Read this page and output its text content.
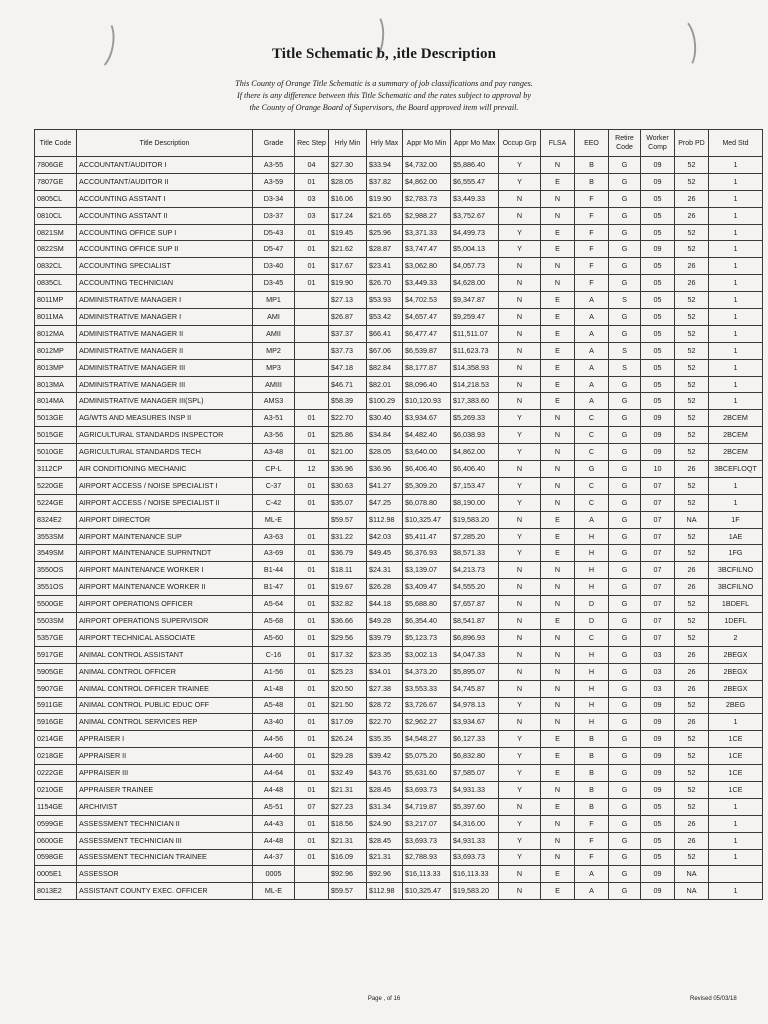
Title Schematic b, ,itle Description
This County of Orange Title Schematic is a summary of job classifications and pay ranges.
If there is any difference between this Title Schematic and the rates subject to approval by
the County of Orange Board of Supervisors, the Board approved item will prevail.
Title Code	Title Description	Grade	Rec Step	Hrly Min	Hrly Max	Appr Mo Min	Appr Mo Max	Occup Grp	FLSA	EEO	Retire Code	Worker Comp	Prob PD	Med Std
7806GE	ACCOUNTANT/AUDITOR I	A3-55	04	$27.30	$33.94	$4,732.00	$5,886.40	Y	N	B	G	09	52	1
7807GE	ACCOUNTANT/AUDITOR II	A3-59	01	$28.05	$37.82	$4,862.00	$6,555.47	Y	E	B	G	09	52	1
0805CL	ACCOUNTING ASSTANT I	D3-34	03	$16.06	$19.90	$2,783.73	$3,449.33	N	N	F	G	05	26	1
0810CL	ACCOUNTING ASSTANT II	D3-37	03	$17.24	$21.65	$2,988.27	$3,752.67	N	N	F	G	05	26	1
0821SM	ACCOUNTING OFFICE SUP I	D5-43	01	$19.45	$25.96	$3,371.33	$4,499.73	Y	E	F	G	05	52	1
0822SM	ACCOUNTING OFFICE SUP II	D5-47	01	$21.62	$28.87	$3,747.47	$5,004.13	Y	E	F	G	09	52	1
0832CL	ACCOUNTING SPECIALIST	D3-40	01	$17.67	$23.41	$3,062.80	$4,057.73	N	N	F	G	05	26	1
0835CL	ACCOUNTING TECHNICIAN	D3-45	01	$19.90	$26.70	$3,449.33	$4,628.00	N	N	F	G	05	26	1
8011MP	ADMINISTRATIVE MANAGER I	MP1		$27.13	$53.93	$4,702.53	$9,347.87	N	E	A	S	05	52	1
8011MA	ADMINISTRATIVE MANAGER I	AMI		$26.87	$53.42	$4,657.47	$9,259.47	N	E	A	G	05	52	1
8012MA	ADMINISTRATIVE MANAGER II	AMII		$37.37	$66.41	$6,477.47	$11,511.07	N	E	A	G	05	52	1
8012MP	ADMINISTRATIVE MANAGER II	MP2		$37.73	$67.06	$6,539.87	$11,623.73	N	E	A	S	05	52	1
8013MP	ADMINISTRATIVE MANAGER III	MP3		$47.18	$82.84	$8,177.87	$14,358.93	N	E	A	S	05	52	1
8013MA	ADMINISTRATIVE MANAGER III	AMIII		$46.71	$82.01	$8,096.40	$14,218.53	N	E	A	G	05	52	1
8014MA	ADMINISTRATIVE MANAGER III(SPL)	AMS3		$58.39	$100.29	$10,120.93	$17,383.60	N	E	A	G	05	52	1
5013GE	AG/WTS AND MEASURES INSP II	A3-51	01	$22.70	$30.40	$3,934.67	$5,269.33	Y	N	C	G	09	52	2BCEM
5015GE	AGRICULTURAL STANDARDS INSPECTOR	A3-56	01	$25.86	$34.84	$4,482.40	$6,038.93	Y	N	C	G	09	52	2BCEM
5010GE	AGRICULTURAL STANDARDS TECH	A3-48	01	$21.00	$28.05	$3,640.00	$4,862.00	Y	N	C	G	09	52	2BCEM
3112CP	AIR CONDITIONING MECHANIC	CP-L	12	$36.96	$36.96	$6,406.40	$6,406.40	N	N	G	G	10	26	3BCEFLOQT
5220GE	AIRPORT ACCESS / NOISE SPECIALIST I	C-37	01	$30.63	$41.27	$5,309.20	$7,153.47	Y	N	C	G	07	52	1
5224GE	AIRPORT ACCESS / NOISE SPECIALIST II	C-42	01	$35.07	$47.25	$6,078.80	$8,190.00	Y	N	C	G	07	52	1
8324E2	AIRPORT DIRECTOR	ML-E		$59.57	$112.98	$10,325.47	$19,583.20	N	E	A	G	07	NA	1F
3553SM	AIRPORT MAINTENANCE SUP	A3-63	01	$31.22	$42.03	$5,411.47	$7,285.20	Y	E	H	G	07	52	1AE
3549SM	AIRPORT MAINTENANCE SUPRNTNDT	A3-69	01	$36.79	$49.45	$6,376.93	$8,571.33	Y	E	H	G	07	52	1FG
3550OS	AIRPORT MAINTENANCE WORKER I	B1-44	01	$18.11	$24.31	$3,139.07	$4,213.73	N	N	H	G	07	26	3BCFILNO
3551OS	AIRPORT MAINTENANCE WORKER II	B1-47	01	$19.67	$26.28	$3,409.47	$4,555.20	N	N	H	G	07	26	3BCFILNO
5500GE	AIRPORT OPERATIONS OFFICER	A5-64	01	$32.82	$44.18	$5,688.80	$7,657.87	N	N	D	G	07	52	1BDEFL
5503SM	AIRPORT OPERATIONS SUPERVISOR	A5-68	01	$36.66	$49.28	$6,354.40	$8,541.87	N	E	D	G	07	52	1DEFL
5357GE	AIRPORT TECHNICAL ASSOCIATE	A5-60	01	$29.56	$39.79	$5,123.73	$6,896.93	N	N	C	G	07	52	2
5917GE	ANIMAL CONTROL ASSISTANT	C-16	01	$17.32	$23.35	$3,002.13	$4,047.33	N	N	H	G	03	26	2BEGX
5905GE	ANIMAL CONTROL OFFICER	A1-56	01	$25.23	$34.01	$4,373.20	$5,895.07	N	N	H	G	03	26	2BEGX
5907GE	ANIMAL CONTROL OFFICER TRAINEE	A1-48	01	$20.50	$27.38	$3,553.33	$4,745.87	N	N	H	G	03	26	2BEGX
5911GE	ANIMAL CONTROL PUBLIC EDUC OFF	A5-48	01	$21.50	$28.72	$3,726.67	$4,978.13	Y	N	H	G	09	52	2BEG
5916GE	ANIMAL CONTROL SERVICES REP	A3-40	01	$17.09	$22.70	$2,962.27	$3,934.67	N	N	H	G	09	26	1
0214GE	APPRAISER I	A4-56	01	$26.24	$35.35	$4,548.27	$6,127.33	Y	E	B	G	09	52	1CE
0218GE	APPRAISER II	A4-60	01	$29.28	$39.42	$5,075.20	$6,832.80	Y	E	B	G	09	52	1CE
0222GE	APPRAISER III	A4-64	01	$32.49	$43.76	$5,631.60	$7,585.07	Y	E	B	G	09	52	1CE
0210GE	APPRAISER TRAINEE	A4-48	01	$21.31	$28.45	$3,693.73	$4,931.33	Y	N	B	G	09	52	1CE
1154GE	ARCHIVIST	A5-51	07	$27.23	$31.34	$4,719.87	$5,397.60	N	E	B	G	05	52	1
0599GE	ASSESSMENT TECHNICIAN II	A4-43	01	$18.56	$24.90	$3,217.07	$4,316.00	Y	N	F	G	05	26	1
0600GE	ASSESSMENT TECHNICIAN III	A4-48	01	$21.31	$28.45	$3,693.73	$4,931.33	Y	N	F	G	05	26	1
0598GE	ASSESSMENT TECHNICIAN TRAINEE	A4-37	01	$16.09	$21.31	$2,788.93	$3,693.73	Y	N	F	G	05	52	1
0005E1	ASSESSOR	0005		$92.96	$92.96	$16,113.33	$16,113.33	N	E	A	G	09	NA	
8013E2	ASSISTANT COUNTY EXEC. OFFICER	ML-E		$59.57	$112.98	$10,325.47	$19,583.20	N	E	A	G	09	NA	1
Page , of 16	Revised 05/03/18
